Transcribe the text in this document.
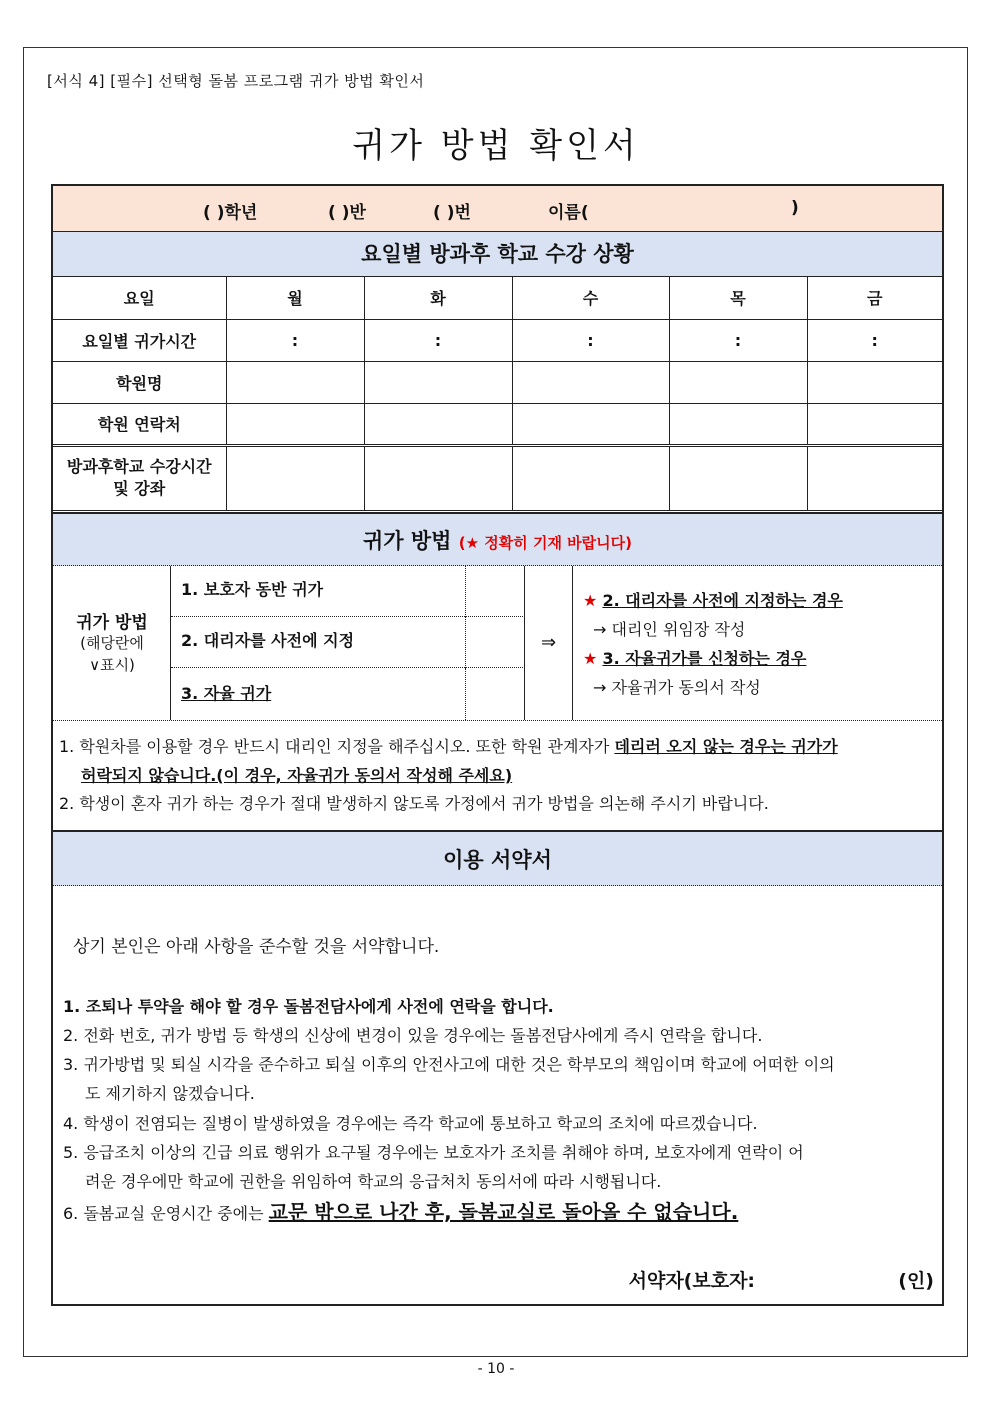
[서식 4] [필수] 선택형 돌봄 프로그램 귀가 방법 확인서
귀가 방법 확인서
( )학년	( )반	( )번	이름(	)
요일별 방과후 학교 수강 상황
요일	월	화	수	목	금
요일별 귀가시간	:	:	:	:	:
학원명					
학원 연락처					

방과후학교 수강시간
및 강좌					

귀가 방법 (★ 정확히 기재 바랍니다)
귀가 방법
(해당란에
∨표시)
1. 보호자 동반 귀가
2. 대리자를 사전에 지정
3. 자율 귀가
⇒
★ 2. 대리자를 사전에 지정하는 경우
→ 대리인 위임장 작성
★ 3. 자율귀가를 신청하는 경우
→ 자율귀가 동의서 작성
1. 학원차를 이용할 경우 반드시 대리인 지정을 해주십시오. 또한 학원 관계자가 데리러 오지 않는 경우는 귀가가
허락되지 않습니다.(이 경우, 자율귀가 동의서 작성해 주세요)
2. 학생이 혼자 귀가 하는 경우가 절대 발생하지 않도록 가정에서 귀가 방법을 의논해 주시기 바랍니다.
이용 서약서
상기 본인은 아래 사항을 준수할 것을 서약합니다.
1. 조퇴나 투약을 해야 할 경우 돌봄전담사에게 사전에 연락을 합니다.
2. 전화 번호, 귀가 방법 등 학생의 신상에 변경이 있을 경우에는 돌봄전담사에게 즉시 연락을 합니다.
3. 귀가방법 및 퇴실 시각을 준수하고 퇴실 이후의 안전사고에 대한 것은 학부모의 책임이며 학교에 어떠한 이의
도 제기하지 않겠습니다.
4. 학생이 전염되는 질병이 발생하였을 경우에는 즉각 학교에 통보하고 학교의 조치에 따르겠습니다.
5. 응급조치 이상의 긴급 의료 행위가 요구될 경우에는 보호자가 조치를 취해야 하며, 보호자에게 연락이 어
려운 경우에만 학교에 권한을 위임하여 학교의 응급처치 동의서에 따라 시행됩니다.
6. 돌봄교실 운영시간 중에는 교문 밖으로 나간 후, 돌봄교실로 돌아올 수 없습니다.
서약자(보호자:	(인)
- 10 -
